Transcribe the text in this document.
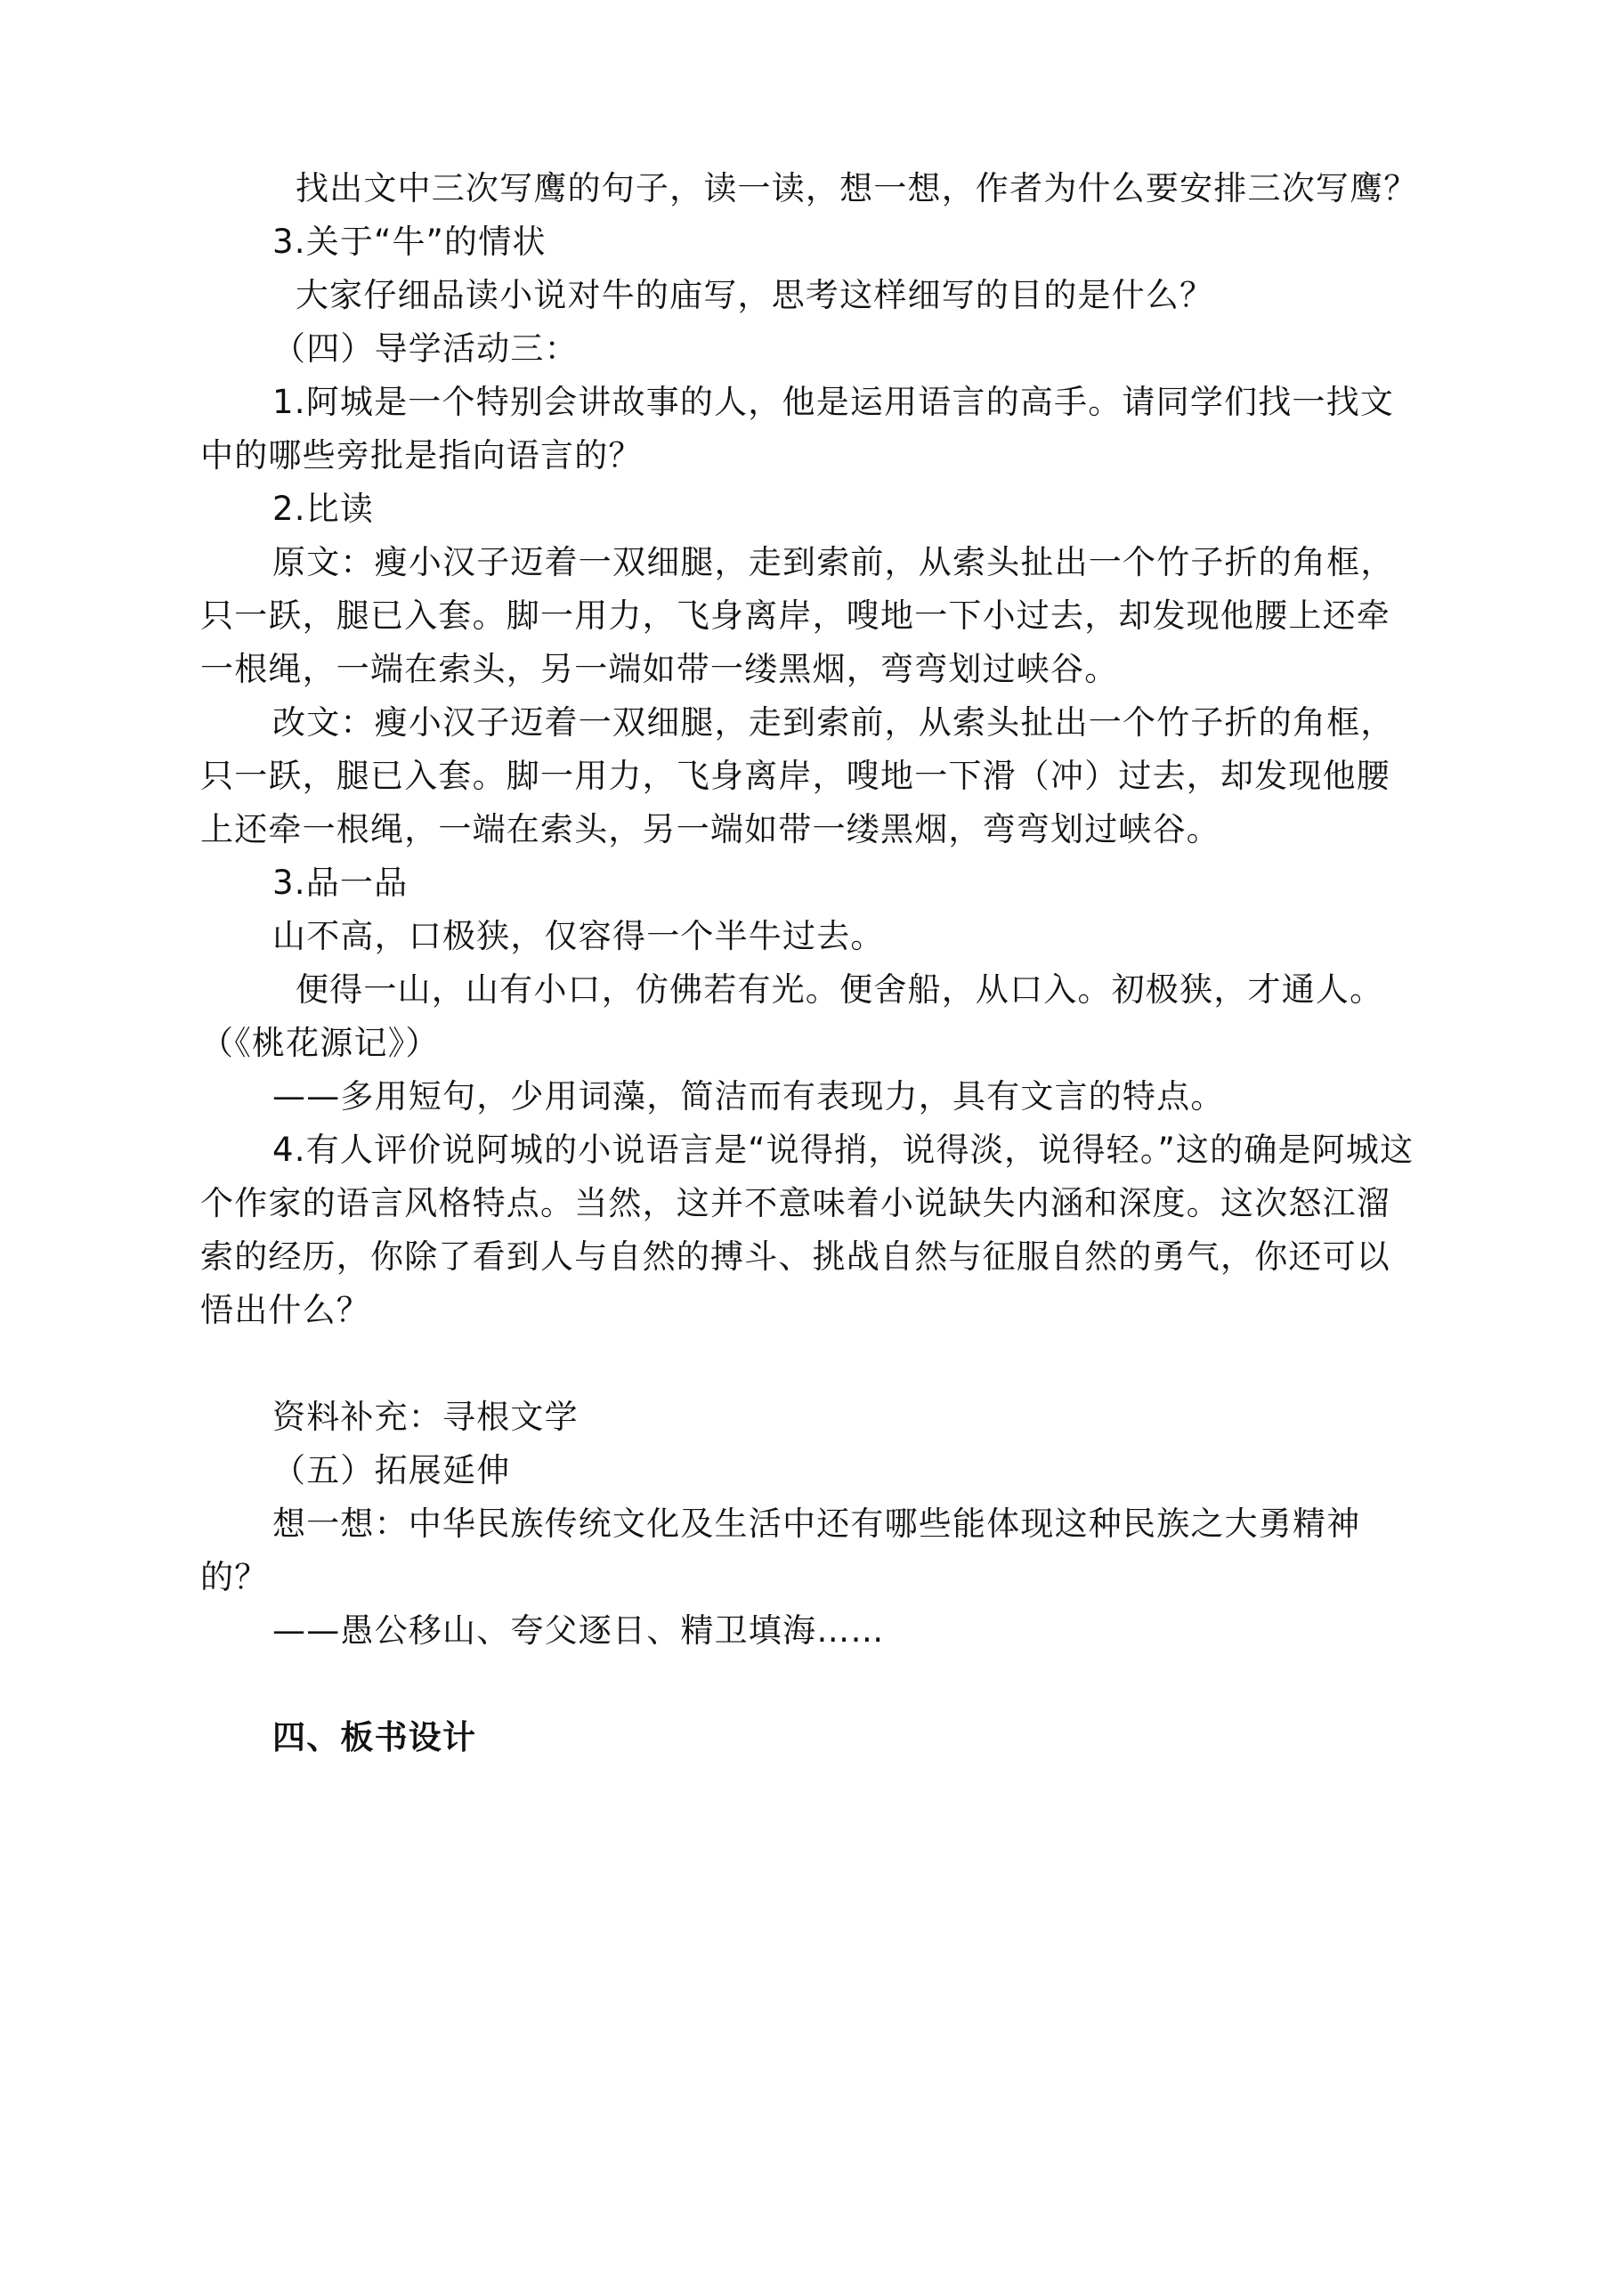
找出文中三次写鹰的句子，读一读，想一想，作者为什么要安排三次写鹰？

3.关于“牛”的情状

大家仔细品读小说对牛的庙写，思考这样细写的目的是什么？

（四）导学活动三：

1.阿城是一个特别会讲故事的人，他是运用语言的高手。请同学们找一找文中的哪些旁批是指向语言的？

2.比读

原文：瘦小汉子迈着一双细腿，走到索前，从索头扯出一个竹子折的角框，只一跃，腿已入套。脚一用力，飞身离岸，嗖地一下小过去，却发现他腰上还牵一根绳，一端在索头，另一端如带一缕黑烟，弯弯划过峡谷。

改文：瘦小汉子迈着一双细腿，走到索前，从索头扯出一个竹子折的角框，只一跃，腿已入套。脚一用力，飞身离岸，嗖地一下滑（冲）过去，却发现他腰上还牵一根绳，一端在索头，另一端如带一缕黑烟，弯弯划过峡谷。

3.品一品

山不高，口极狭，仅容得一个半牛过去。

便得一山，山有小口，仿佛若有光。便舍船，从口入。初极狭，才通人。（《桃花源记》）

——多用短句，少用词藻，简洁而有表现力，具有文言的特点。

4.有人评价说阿城的小说语言是“说得捎，说得淡，说得轻。”这的确是阿城这个作家的语言风格特点。当然，这并不意味着小说缺失内涵和深度。这次怒江溜索的经历，你除了看到人与自然的搏斗、挑战自然与征服自然的勇气，你还可以悟出什么？

资料补充：寻根文学

（五）拓展延伸

想一想：中华民族传统文化及生活中还有哪些能体现这种民族之大勇精神的？

——愚公移山、夸父逐日、精卫填海……

四、板书设计
